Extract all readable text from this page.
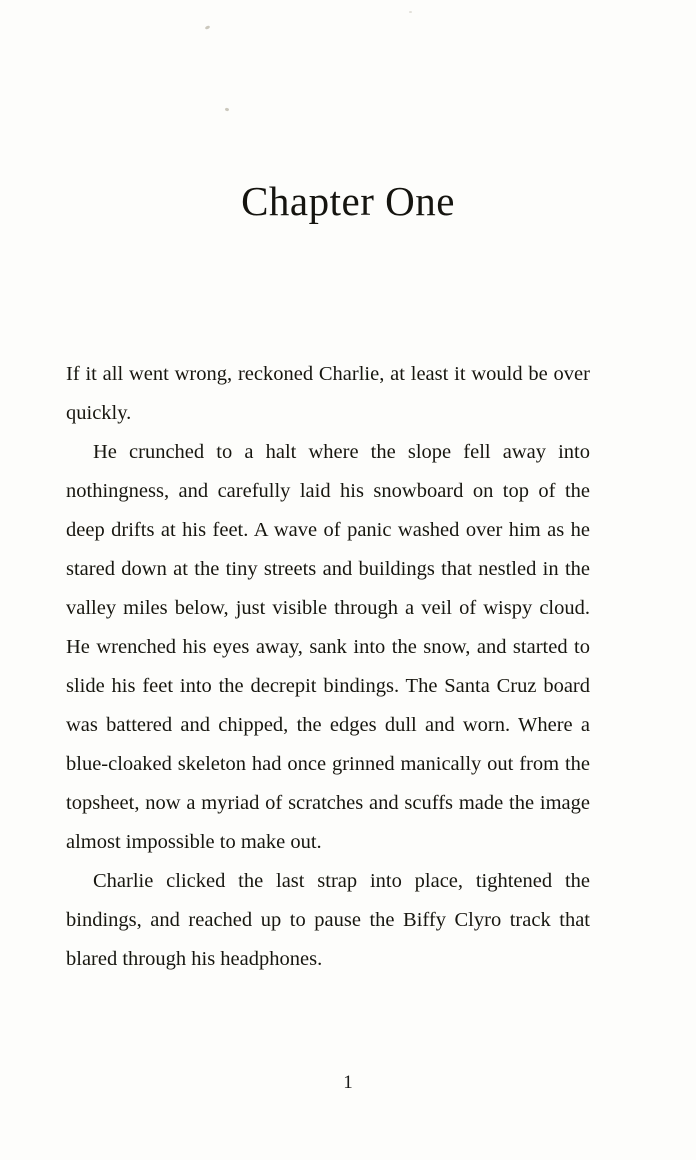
Chapter One

If it all went wrong, reckoned Charlie, at least it would be over quickly.

He crunched to a halt where the slope fell away into nothingness, and carefully laid his snowboard on top of the deep drifts at his feet. A wave of panic washed over him as he stared down at the tiny streets and buildings that nestled in the valley miles below, just visible through a veil of wispy cloud. He wrenched his eyes away, sank into the snow, and started to slide his feet into the decrepit bindings. The Santa Cruz board was battered and chipped, the edges dull and worn. Where a blue-cloaked skeleton had once grinned manically out from the topsheet, now a myriad of scratches and scuffs made the image almost impossible to make out.

Charlie clicked the last strap into place, tightened the bindings, and reached up to pause the Biffy Clyro track that blared through his headphones.

1
